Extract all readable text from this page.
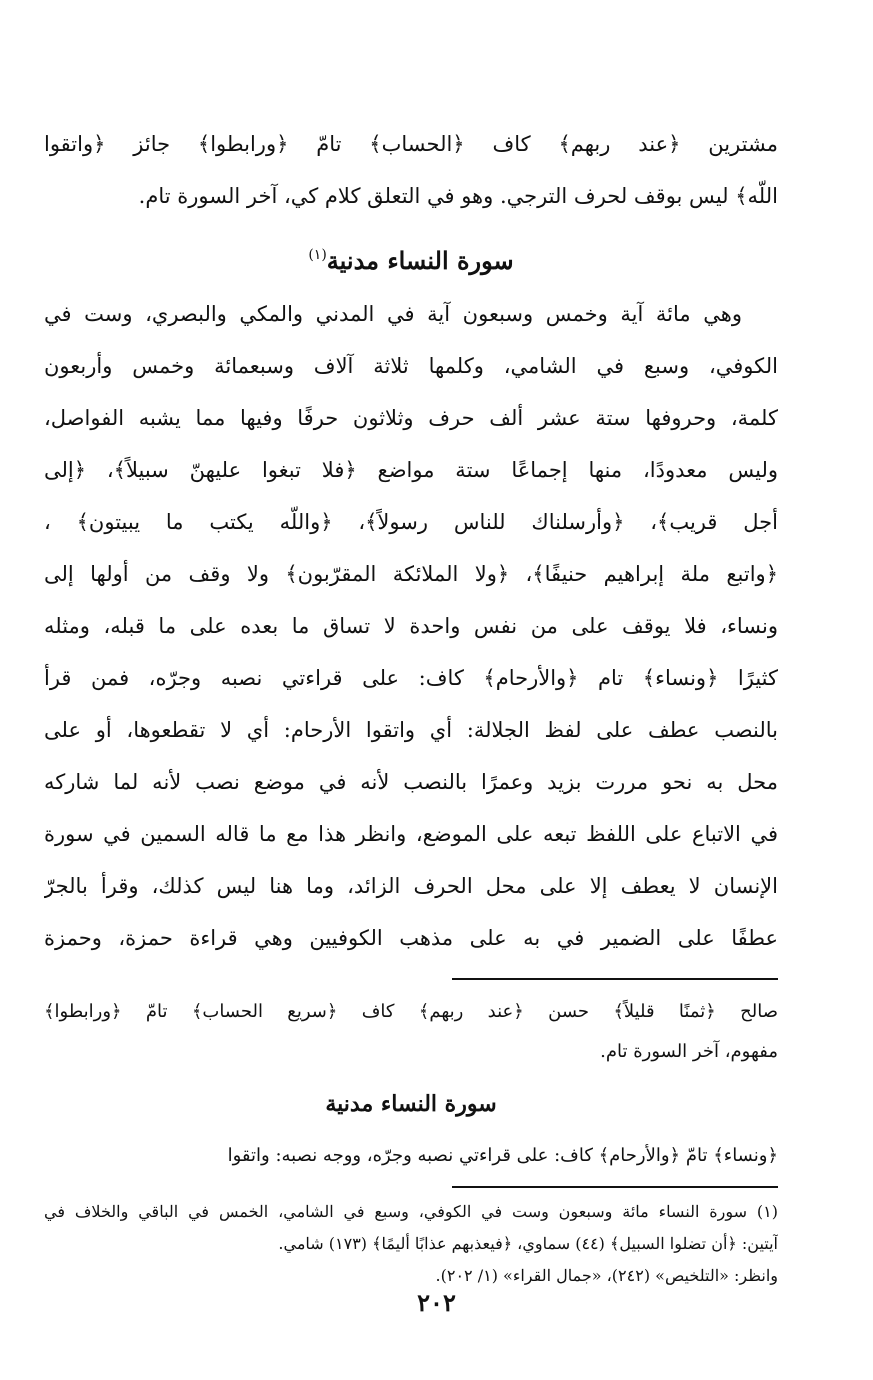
مشترين ﴿عند ربهم﴾ كاف ﴿الحساب﴾ تامّ ﴿ورابطوا﴾ جائز ﴿واتقوا
اللّه﴾ ليس بوقف لحرف الترجي. وهو في التعلق كلام كي، آخر السورة تام.
سورة النساء مدنية$^{(١)}$
وهي مائة آية وخمس وسبعون آية في المدني والمكي والبصري، وست في
الكوفي، وسبع في الشامي، وكلمها ثلاثة آلاف وسبعمائة وخمس وأربعون
كلمة، وحروفها ستة عشر ألف حرف وثلاثون حرفًا وفيها مما يشبه الفواصل،
وليس معدودًا، منها إجماعًا ستة مواضع ﴿فلا تبغوا عليهنّ سبيلاً﴾، ﴿إلى
أجل قريب﴾، ﴿وأرسلناك للناس رسولاً﴾، ﴿واللّه يكتب ما يبيتون﴾ ،
﴿واتبع ملة إبراهيم حنيفًا﴾، ﴿ولا الملائكة المقرّبون﴾ ولا وقف من أولها إلى
ونساء، فلا يوقف على من نفس واحدة لا تساق ما بعده على ما قبله، ومثله
كثيرًا ﴿ونساء﴾ تام ﴿والأرحام﴾ كاف: على قراءتي نصبه وجرّه، فمن قرأ
بالنصب عطف على لفظ الجلالة: أي واتقوا الأرحام: أي لا تقطعوها، أو على
محل به نحو مررت بزيد وعمرًا بالنصب لأنه في موضع نصب لأنه لما شاركه
في الاتباع على اللفظ تبعه على الموضع، وانظر هذا مع ما قاله السمين في سورة
الإنسان لا يعطف إلا على محل الحرف الزائد، وما هنا ليس كذلك، وقرأ بالجرّ
عطفًا على الضمير في به على مذهب الكوفيين وهي قراءة حمزة، وحمزة
صالح ﴿ثمنًا قليلاً﴾ حسن ﴿عند ربهم﴾ كاف ﴿سريع الحساب﴾ تامّ ﴿ورابطوا﴾
مفهوم، آخر السورة تام.
سورة النساء مدنية
﴿ونساء﴾ تامّ ﴿والأرحام﴾ كاف: على قراءتي نصبه وجرّه، ووجه نصبه: واتقوا
(١) سورة النساء مائة وسبعون وست في الكوفي، وسبع في الشامي، الخمس في الباقي والخلاف في
آيتين: ﴿أن تضلوا السبيل﴾ (٤٤) سماوي، ﴿فيعذبهم عذابًا أليمًا﴾ (١٧٣) شامي.
وانظر: «التلخيص» (٢٤٢)، «جمال القراء» (١/ ٢٠٢).
٢٠٢
